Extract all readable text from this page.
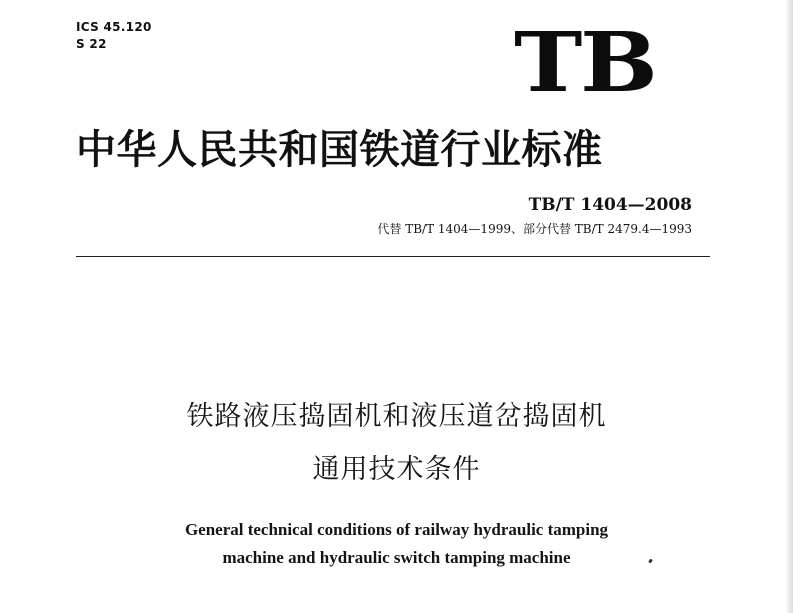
ICS 45.120
S 22	TB
中华人民共和国铁道行业标准
TB/T 1404—2008
代替 TB/T 1404—1999、部分代替 TB/T 2479.4—1993
铁路液压捣固机和液压道岔捣固机
通用技术条件
General technical conditions of railway hydraulic tamping
machine and hydraulic switch tamping machine
